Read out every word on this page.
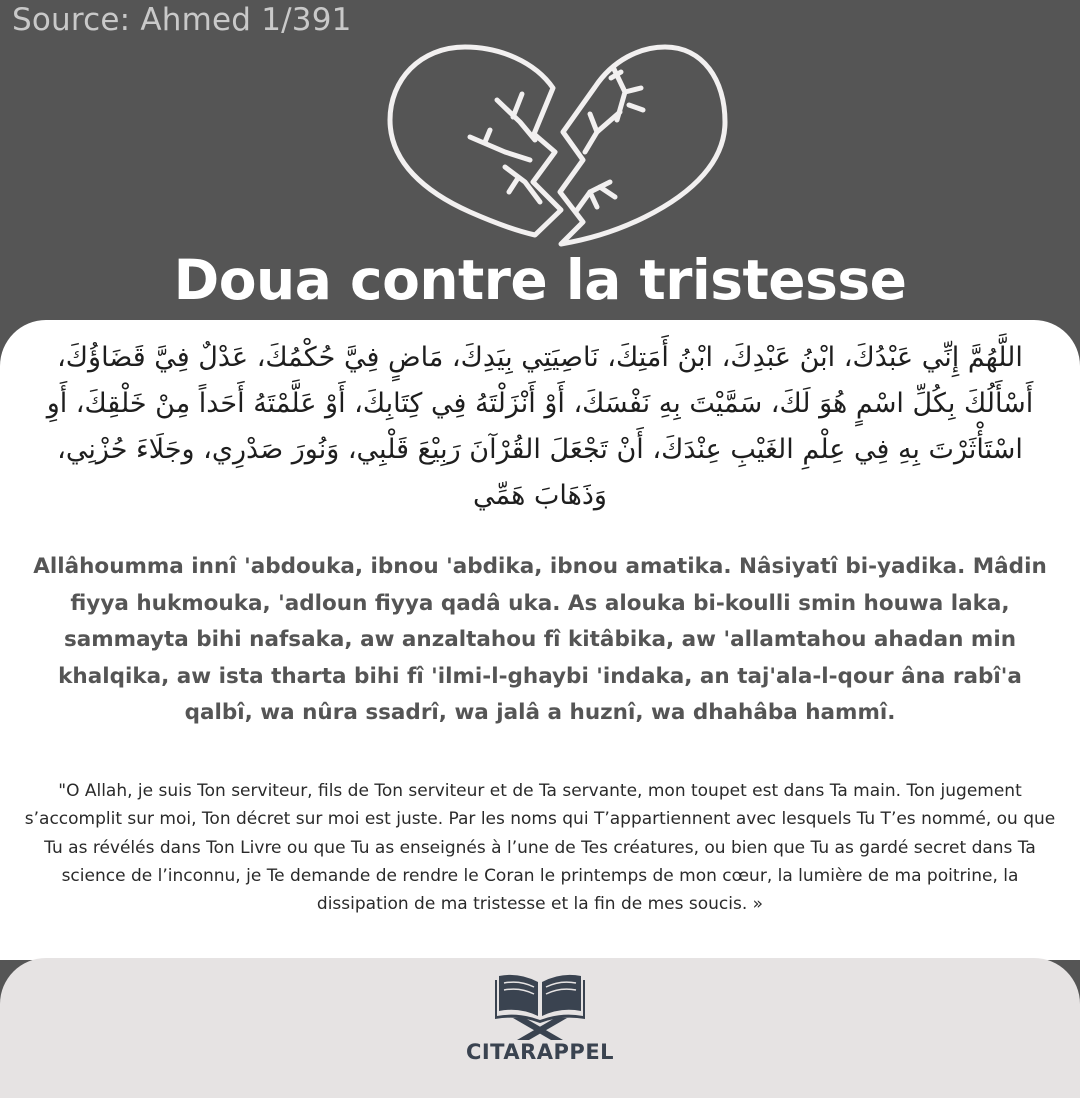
Source: Ahmed 1/391
Doua contre la tristesse
اللَّهُمَّ إِنِّي عَبْدُكَ، ابْنُ عَبْدِكَ، ابْنُ أَمَتِكَ، نَاصِيَتِي بِيَدِكَ، مَاضٍ فِيَّ حُكْمُكَ، عَدْلٌ فِيَّ قَضَاؤُكَ، أَسْأَلُكَ بِكُلِّ اسْمٍ هُوَ لَكَ، سَمَّيْتَ بِهِ نَفْسَكَ، أَوْ أَنْزَلْتَهُ فِي كِتَابِكَ، أَوْ عَلَّمْتَهُ أَحَداً مِنْ خَلْقِكَ، أَوِ اسْتَأْثَرْتَ بِهِ فِي عِلْمِ الغَيْبِ عِنْدَكَ، أَنْ تَجْعَلَ القُرْآنَ رَبِيْعَ قَلْبِي، وَنُورَ صَدْرِي، وجَلَاءَ حُزْنِي، وَذَهَابَ هَمِّي
Allâhoumma innî 'abdouka, ibnou 'abdika, ibnou amatika. Nâsiyatî bi-yadika. Mâdin fiyya hukmouka, 'adloun fiyya qadâ uka. As alouka bi-koulli smin houwa laka, sammayta bihi nafsaka, aw anzaltahou fî kitâbika, aw 'allamtahou ahadan min khalqika, aw ista tharta bihi fî 'ilmi-l-ghaybi 'indaka, an taj'ala-l-qour âna rabî'a qalbî, wa nûra ssadrî, wa jalâ a huznî, wa dhahâba hammî.
"O Allah, je suis Ton serviteur, fils de Ton serviteur et de Ta servante, mon toupet est dans Ta main. Ton jugement s’accomplit sur moi, Ton décret sur moi est juste. Par les noms qui T’appartiennent avec lesquels Tu T’es nommé, ou que Tu as révélés dans Ton Livre ou que Tu as enseignés à l’une de Tes créatures, ou bien que Tu as gardé secret dans Ta science de l’inconnu, je Te demande de rendre le Coran le printemps de mon cœur, la lumière de ma poitrine, la dissipation de ma tristesse et la fin de mes soucis. »
CITARAPPEL
